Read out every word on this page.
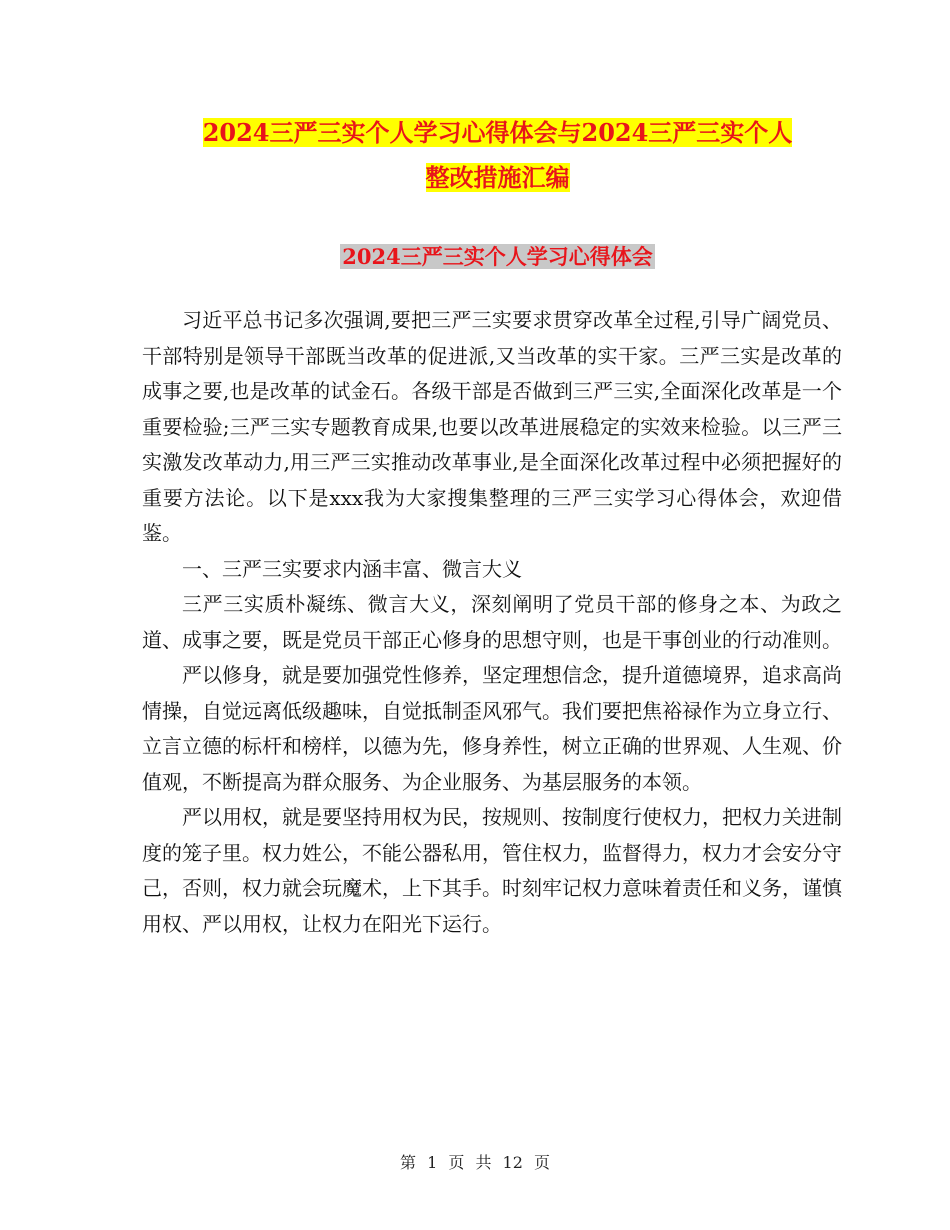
2024三严三实个人学习心得体会与2024三严三实个人
整改措施汇编
2024三严三实个人学习心得体会

习近平总书记多次强调,要把三严三实要求贯穿改革全过程,引导广阔党员、干部特别是领导干部既当改革的促进派,又当改革的实干家。三严三实是改革的成事之要,也是改革的试金石。各级干部是否做到三严三实,全面深化改革是一个重要检验;三严三实专题教育成果,也要以改革进展稳定的实效来检验。以三严三实激发改革动力,用三严三实推动改革事业,是全面深化改革过程中必须把握好的重要方法论。以下是xxx我为大家搜集整理的三严三实学习心得体会，欢迎借鉴。

一、三严三实要求内涵丰富、微言大义

三严三实质朴凝练、微言大义，深刻阐明了党员干部的修身之本、为政之道、成事之要，既是党员干部正心修身的思想守则，也是干事创业的行动准则。

严以修身，就是要加强党性修养，坚定理想信念，提升道德境界，追求高尚情操，自觉远离低级趣味，自觉抵制歪风邪气。我们要把焦裕禄作为立身立行、立言立德的标杆和榜样，以德为先，修身养性，树立正确的世界观、人生观、价值观，不断提高为群众服务、为企业服务、为基层服务的本领。

严以用权，就是要坚持用权为民，按规则、按制度行使权力，把权力关进制度的笼子里。权力姓公，不能公器私用，管住权力，监督得力，权力才会安分守己，否则，权力就会玩魔术，上下其手。时刻牢记权力意味着责任和义务，谨慎用权、严以用权，让权力在阳光下运行。

第 1 页 共 12 页
